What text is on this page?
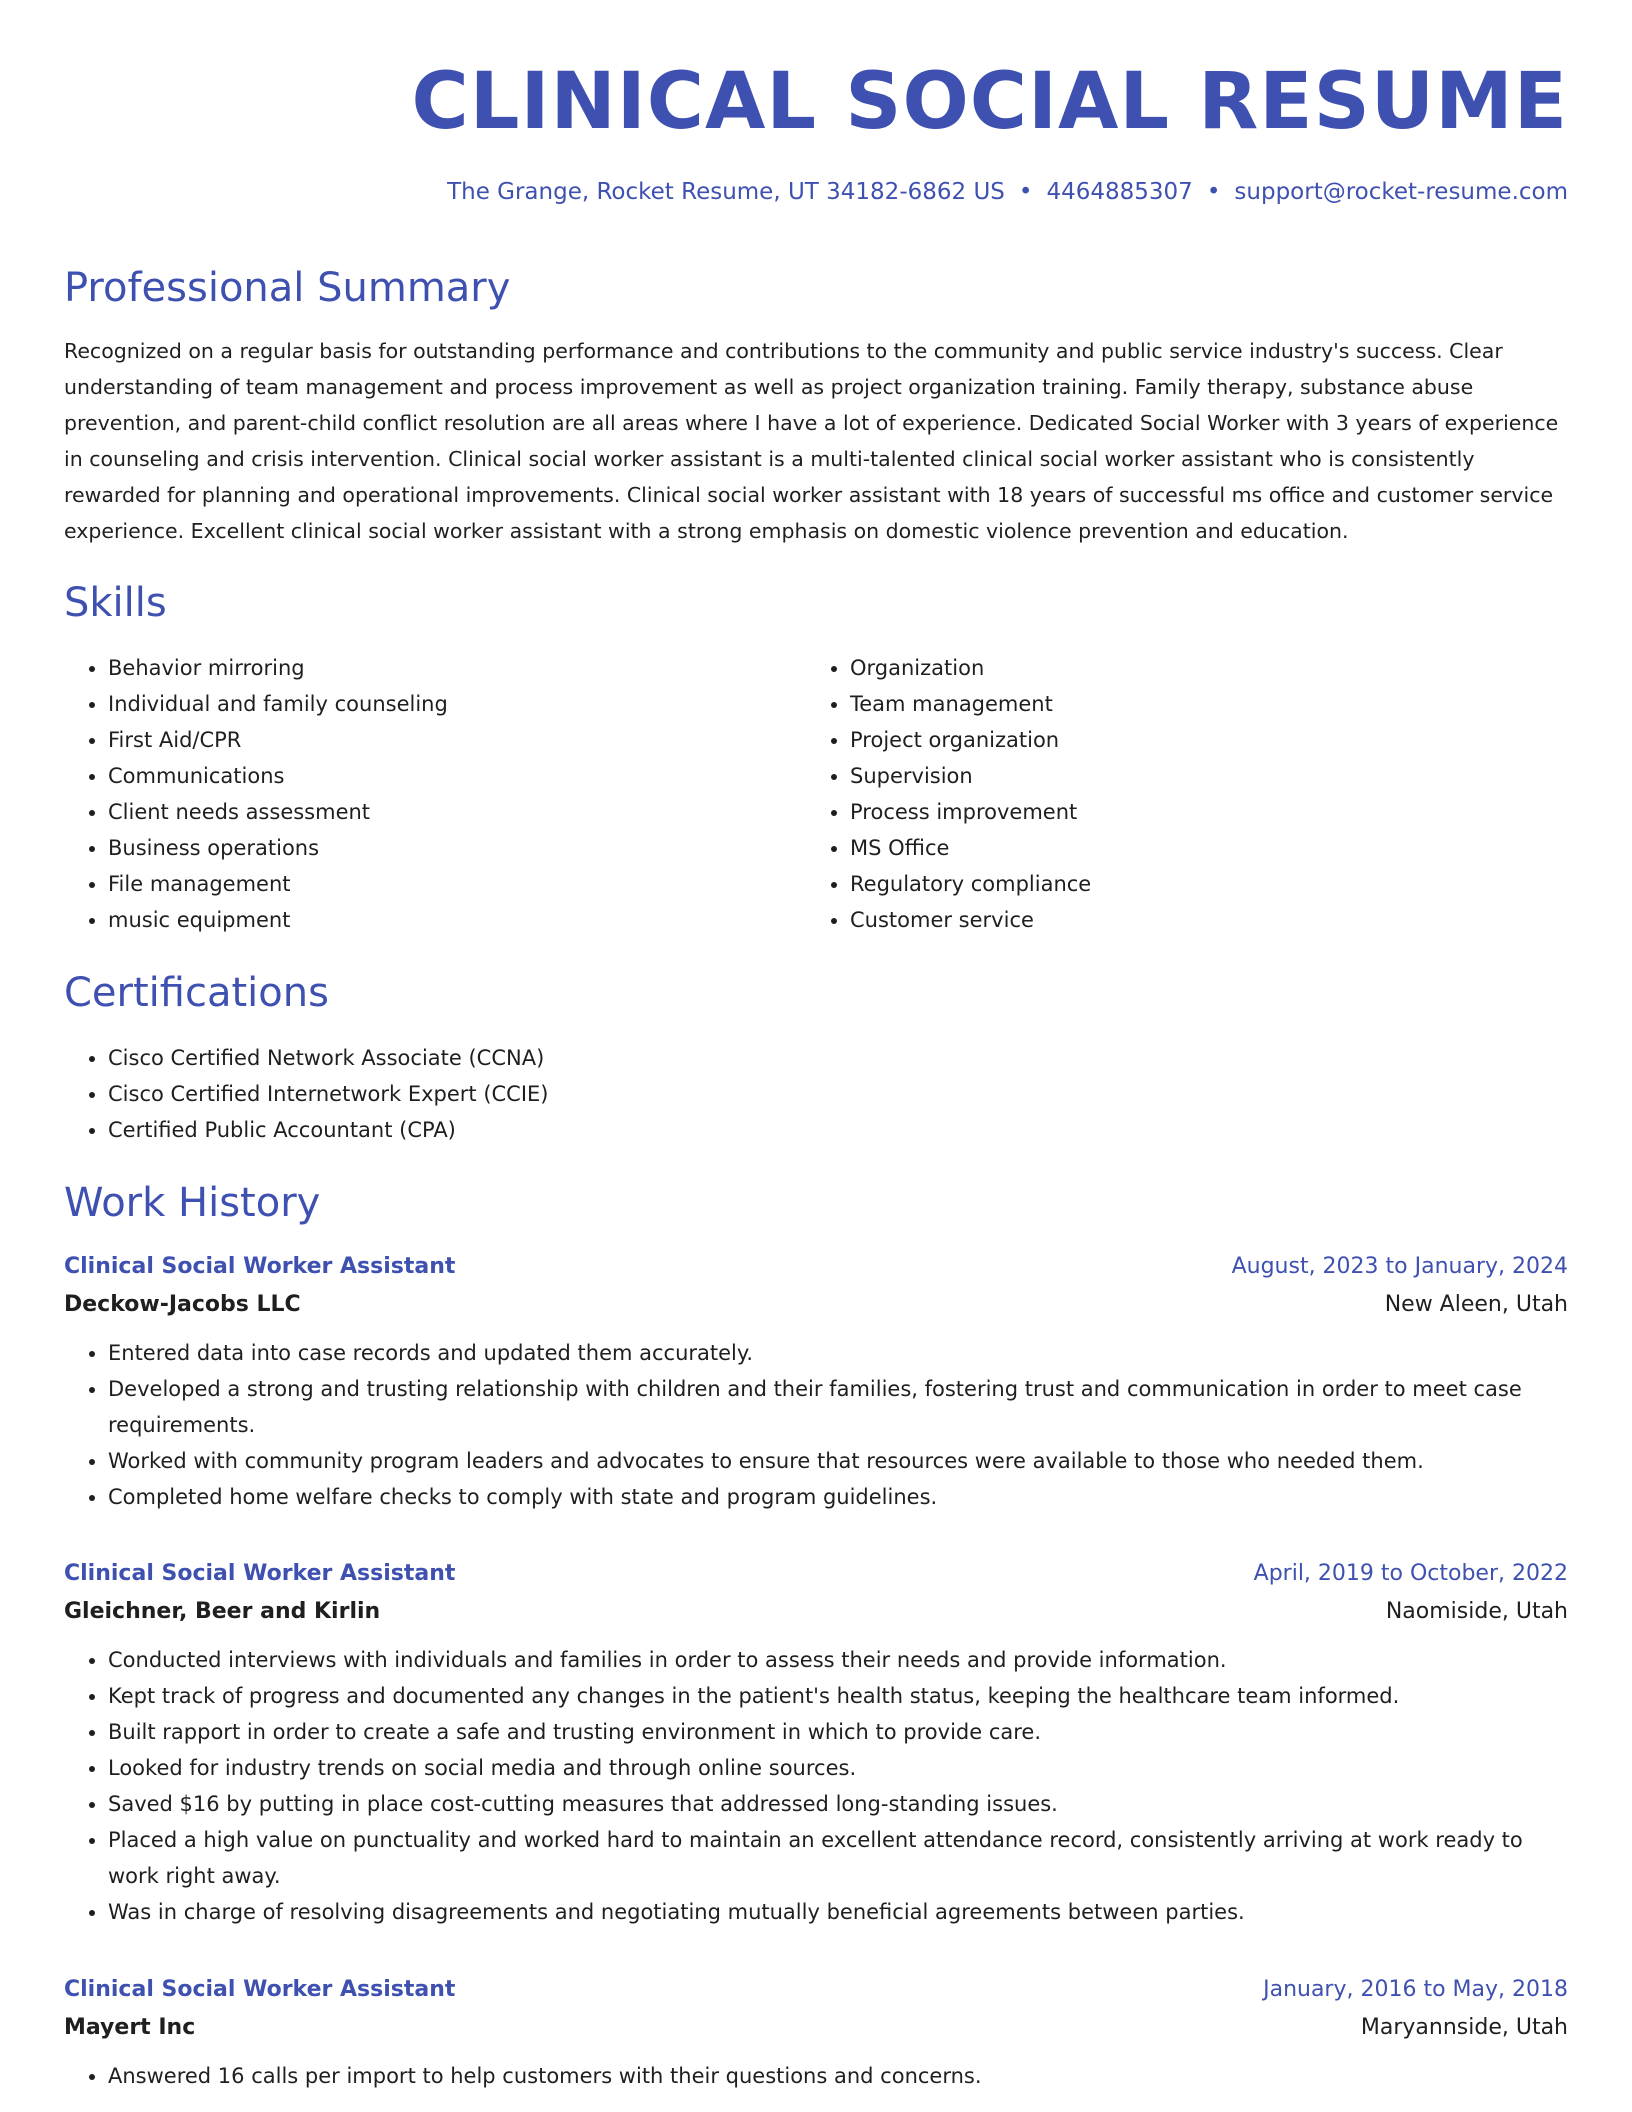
CLINICAL SOCIAL RESUME
The Grange, Rocket Resume, UT 34182-6862 US • 4464885307 • support@rocket-resume.com
Professional Summary

Recognized on a regular basis for outstanding performance and contributions to the community and public service industry's success. Clear understanding of team management and process improvement as well as project organization training. Family therapy, substance abuse prevention, and parent-child conflict resolution are all areas where I have a lot of experience. Dedicated Social Worker with 3 years of experience in counseling and crisis intervention. Clinical social worker assistant is a multi-talented clinical social worker assistant who is consistently rewarded for planning and operational improvements. Clinical social worker assistant with 18 years of successful ms office and customer service experience. Excellent clinical social worker assistant with a strong emphasis on domestic violence prevention and education.

Skills
• Behavior mirroring
• Individual and family counseling
• First Aid/CPR
• Communications
• Client needs assessment
• Business operations
• File management
• music equipment
• Organization
• Team management
• Project organization
• Supervision
• Process improvement
• MS Office
• Regulatory compliance
• Customer service
Certifications
• Cisco Certified Network Associate (CCNA)
• Cisco Certified Internetwork Expert (CCIE)
• Certified Public Accountant (CPA)
Work History
Clinical Social Worker Assistant	August, 2023 to January, 2024
Deckow-Jacobs LLC	New Aleen, Utah
• Entered data into case records and updated them accurately.
• Developed a strong and trusting relationship with children and their families, fostering trust and communication in order to meet case requirements.
• Worked with community program leaders and advocates to ensure that resources were available to those who needed them.
• Completed home welfare checks to comply with state and program guidelines.
Clinical Social Worker Assistant	April, 2019 to October, 2022
Gleichner, Beer and Kirlin	Naomiside, Utah
• Conducted interviews with individuals and families in order to assess their needs and provide information.
• Kept track of progress and documented any changes in the patient's health status, keeping the healthcare team informed.
• Built rapport in order to create a safe and trusting environment in which to provide care.
• Looked for industry trends on social media and through online sources.
• Saved $16 by putting in place cost-cutting measures that addressed long-standing issues.
• Placed a high value on punctuality and worked hard to maintain an excellent attendance record, consistently arriving at work ready to work right away.
• Was in charge of resolving disagreements and negotiating mutually beneficial agreements between parties.
Clinical Social Worker Assistant	January, 2016 to May, 2018
Mayert Inc	Maryannside, Utah
• Answered 16 calls per import to help customers with their questions and concerns.
